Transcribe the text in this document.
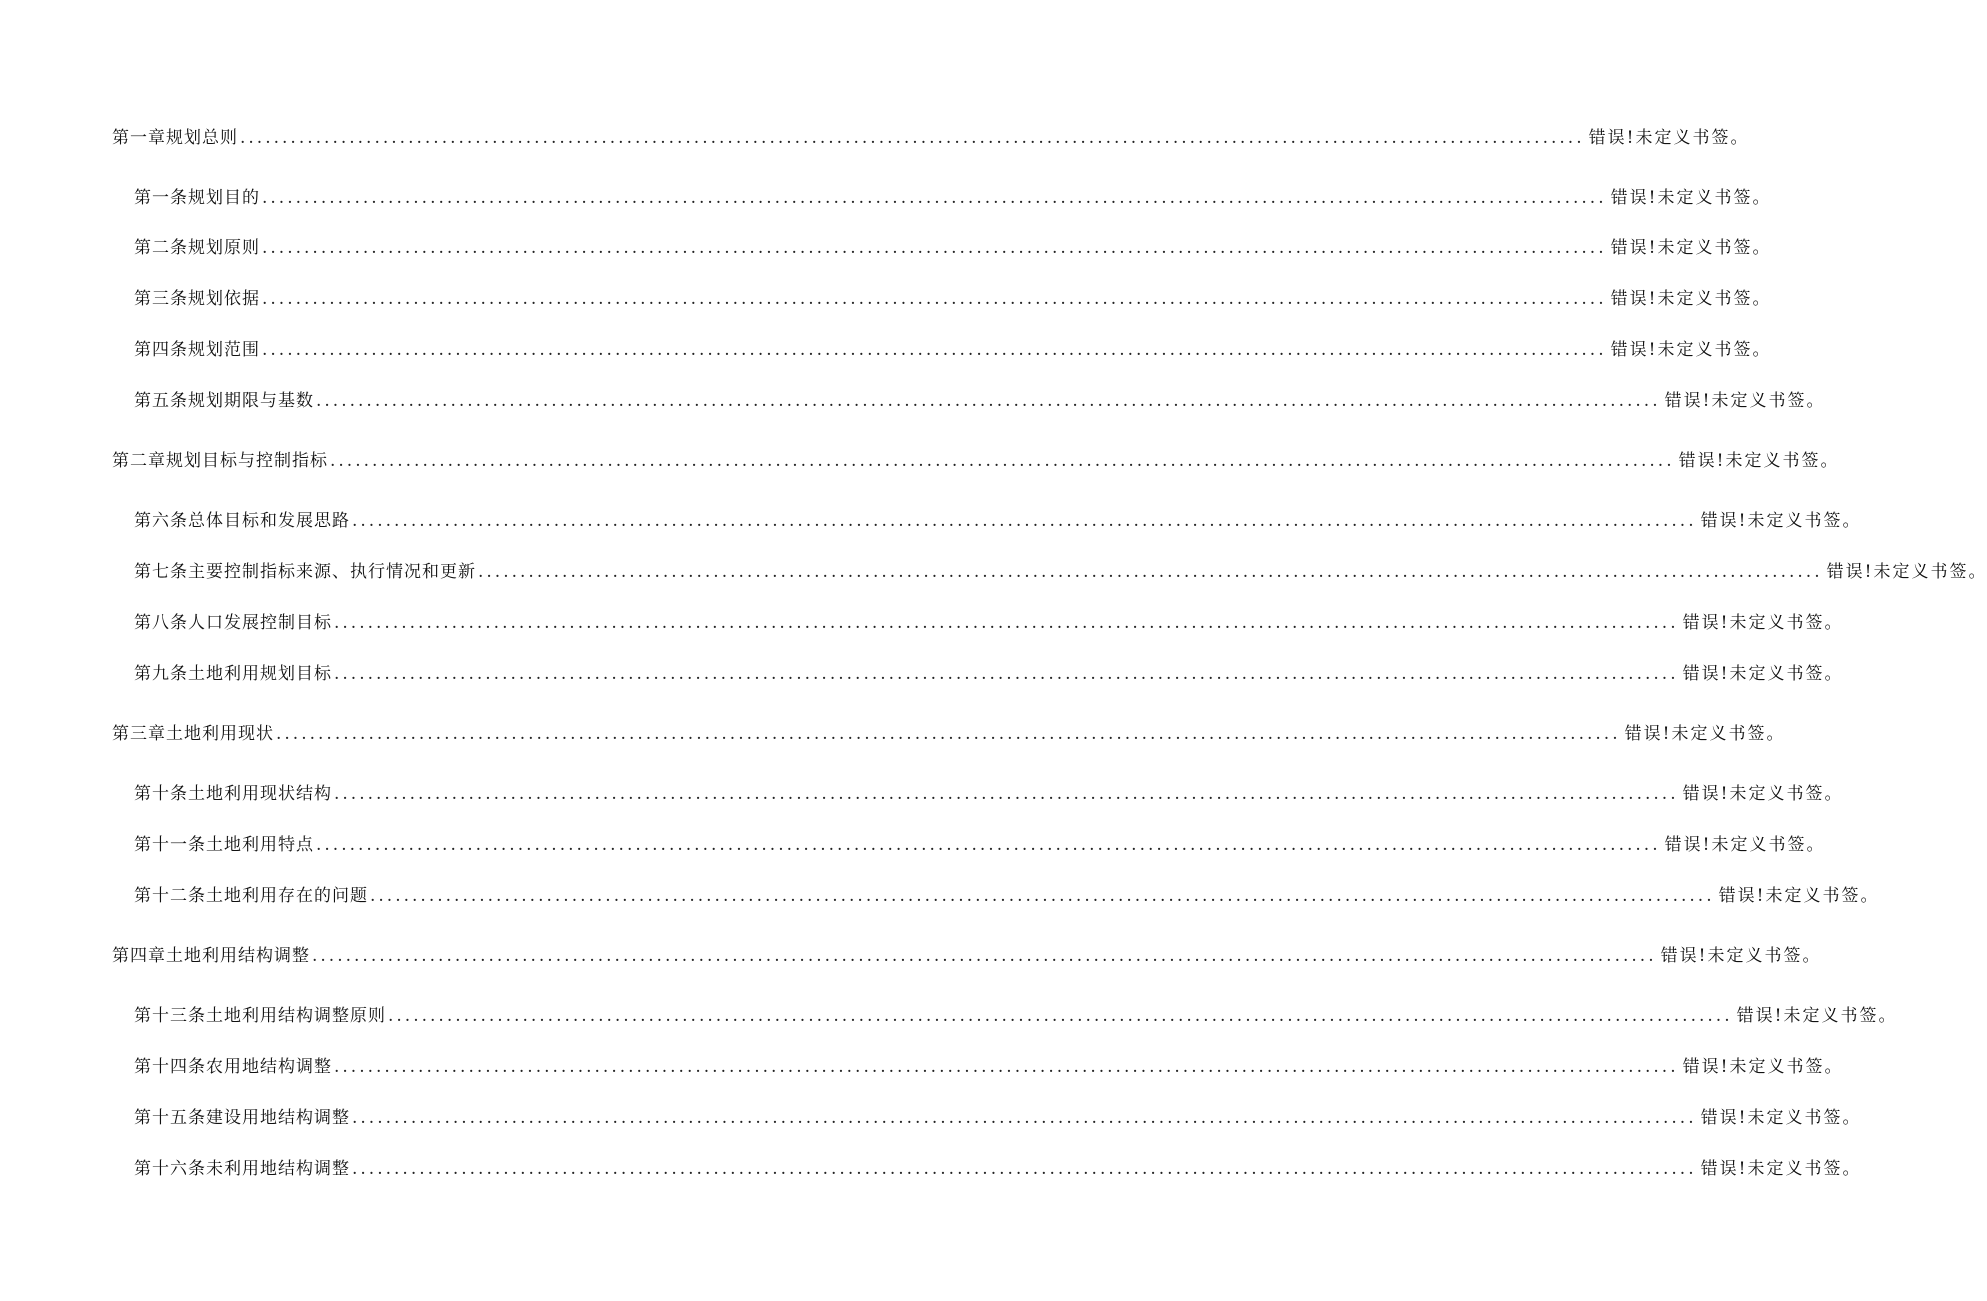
第一章规划总则 ................................................................................................................................................................ 错误!未定义书签。
第一条规划目的 ................................................................................................................................................................ 错误!未定义书签。
第二条规划原则 ................................................................................................................................................................ 错误!未定义书签。
第三条规划依据 ................................................................................................................................................................ 错误!未定义书签。
第四条规划范围 ................................................................................................................................................................ 错误!未定义书签。
第五条规划期限与基数 ................................................................................................................................................................ 错误!未定义书签。
第二章规划目标与控制指标 ................................................................................................................................................................ 错误!未定义书签。
第六条总体目标和发展思路 ................................................................................................................................................................ 错误!未定义书签。
第七条主要控制指标来源、执行情况和更新 ................................................................................................................................................................ 错误!未定义书签。
第八条人口发展控制目标 ................................................................................................................................................................ 错误!未定义书签。
第九条土地利用规划目标 ................................................................................................................................................................ 错误!未定义书签。
第三章土地利用现状 ................................................................................................................................................................ 错误!未定义书签。
第十条土地利用现状结构 ................................................................................................................................................................ 错误!未定义书签。
第十一条土地利用特点 ................................................................................................................................................................ 错误!未定义书签。
第十二条土地利用存在的问题 ................................................................................................................................................................ 错误!未定义书签。
第四章土地利用结构调整 ................................................................................................................................................................ 错误!未定义书签。
第十三条土地利用结构调整原则 ................................................................................................................................................................ 错误!未定义书签。
第十四条农用地结构调整 ................................................................................................................................................................ 错误!未定义书签。
第十五条建设用地结构调整 ................................................................................................................................................................ 错误!未定义书签。
第十六条未利用地结构调整 ................................................................................................................................................................ 错误!未定义书签。
